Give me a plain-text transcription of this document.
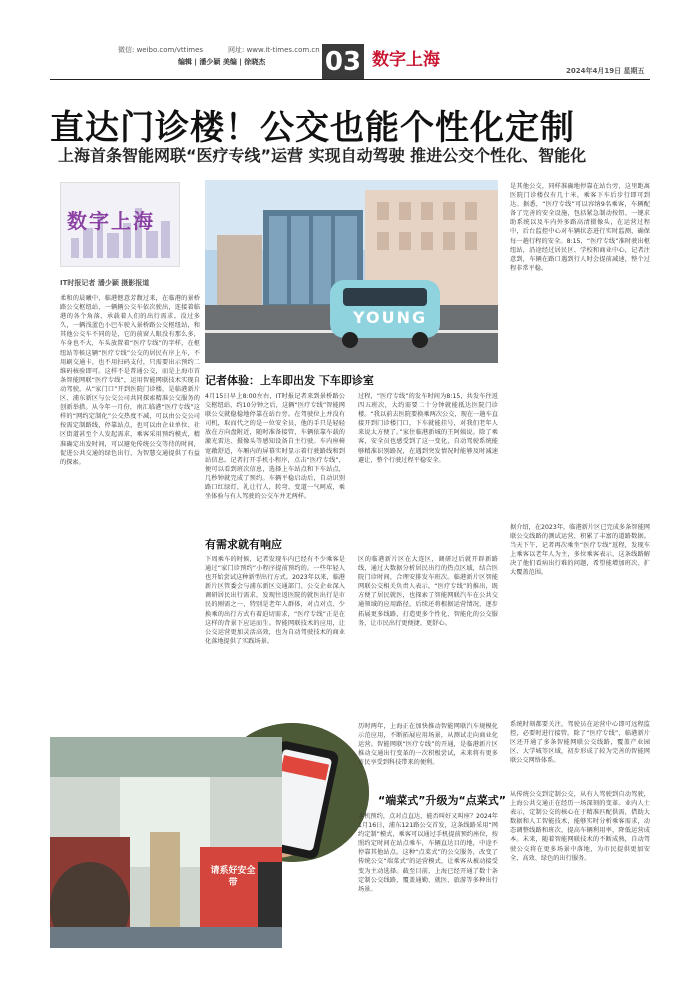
微信: weibo.com/vttimes	网址: www.it-times.com.cn
编辑 | 潘少颖 美编 | 徐晓杰 03 数字上海
2024年4月19日 星期五
直达门诊楼！公交也能个性化定制
上海首条智能网联“医疗专线”运营 实现自动驾驶 推进公交个性化、智能化
数字上海
IT时报记者 潘少颖 摄影报道
柔和的晨曦中，临港惬意芳馥过来，在临港的景桥路公交枢纽站，一辆辆公交车依次驶出，连接着临港的各个角落，承载着人们的出行需求。没过多久，一辆浅蓝色小巴车驶入景桥路公交枢纽站，和其他公交车不同的是，它的前窗人眼没有那么多，车身也不大，车头放置着“医疗专线”的字样，在枢纽站等候这辆“医疗专线”公交的居民有序上车，不用刷交通卡，也不用扫码支付，只需要出示预约二维码核验即可。这样不是普通公交，而是上海市首条智能网联“医疗专线”，运用智能网联技术实现自动驾驶，从“家门口”开到医院门诊楼，是临港新片区、浦东新区与公交公司共同探索精准公交服务的创新举措。从今年一月份，南汇临港“医疗专线”这样的“网约定制化”公交热度不减，可以由公交公司按需定制路线，停靠站点，也可以由企业单位、社区街道甚至个人发起需求，乘客采用预约模式，精准确定出发时间，可以避免传统公交等待的时间，促进公共交通的绿色出行，为智慧交通提供了有益的探索。
YOUNG
记者体验：上车即出发 下车即诊室
4月15日早上8:00左右，IT时报记者来到景桥路公交枢纽站，约10分钟之后，这辆“医疗专线”智能网联公交就稳稳地停靠在站台旁。在驾驶位上并没有司机，取而代之的是一位安全员，他的手只是轻轻放在方向盘附近，随时准备接管，车辆依靠车载的激光雷达、摄像头等感知设备自主行驶。车内座椅宽敞舒适，车厢内的屏幕实时显示着行驶路线和到站信息。记者打开手机小程序，点击“医疗专线”，便可以看到班次信息，选择上车站点和下车站点，几秒钟就完成了预约。车辆平稳启动后，自动识别路口红绿灯，礼让行人，转弯、变道一气呵成，乘坐体验与有人驾驶的公交车并无两样。
过程，“医疗专线”的发车时间为8:15，共发车往返四五班次，大约需要二十分钟就能抵达医院门诊楼。“我以前去医院要换乘两次公交，现在一趟车直接开到门诊楼门口，下车就能挂号，对我们老年人来说太方便了。”家住临港新城的王阿姨说。除了乘客，安全员也感受到了这一变化，自动驾驶系统能够精准识别路况，在遇到突发情况时能够及时减速避让，整个行驶过程平稳安全。
有需求就有响应
下周乘车的时候，记者发现车内已经有不少乘客是通过“家门诊预约”小程序提前预约的。一些年轻人也开始尝试这种新型出行方式。2023年以来，临港新片区管委会与浦东新区交通部门、公交企业深入调研居民出行需求，发现往返医院的就医出行是市民的刚需之一，特别是老年人群体，对点对点、少换乘的出行方式有着迫切需求，“医疗专线”正是在这样的背景下应运而生。智能网联技术的应用，让公交运营更加灵活高效，也为自动驾驶技术的商业化落地提供了实践场景。
区的临港新片区在大连区，调研过后就开辟新路线，通过大数据分析居民出行的热点区域，结合医院门诊时间，合理安排发车班次。临港新片区智能网联公交相关负责人表示，“医疗专线”的推出，既方便了居民就医，也探索了智能网联汽车在公共交通领域的应用路径，后续还将根据运营情况，逐步拓展更多线路，打造更多个性化、智能化的公交服务，让市民出行更便捷、更舒心。
是其他公交，同样准确地停靠在站台旁，这里距离医院门诊楼仅有几十米，乘客下车后步行即可到达。据悉，“医疗专线”可以容纳9名乘客，车辆配备了完善的安全设施，包括紧急制动按钮、一键求助系统以及车内外多路高清摄像头，在运营过程中，后台监控中心对车辆状态进行实时监测，确保每一趟行程的安全。8:15，“医疗专线”准时驶出枢纽站，沿途经过居民区、学校和商业中心，记者注意到，车辆在路口遇到行人时会提前减速，整个过程非常平稳。
据介绍，在2023年，临港新片区已完成多条智能网联公交线路的测试运营，积累了丰富的道路数据。当天下午，记者再次乘坐“医疗专线”返程，发现车上乘客以老年人为主，多位乘客表示，这条线路解决了他们看病出行难的问题，希望能增加班次、扩大覆盖范围。
请系好安全带
历时两年，上海正在加快推动智能网联汽车规模化示范应用，不断拓展应用场景，从测试走向商业化运营。智能网联“医疗专线”的开通，是临港新片区推动交通出行变革的一次积极尝试，未来将有更多市民享受到科技带来的便利。
系统时刻都要关注，驾驶员在运营中心即可远程监控，必要时进行接管。除了“医疗专线”，临港新片区还开通了多条智能网联公交线路，覆盖产业园区、大学城等区域，初步形成了较为完善的智能网联公交网络体系。
“端菜式”升级为“点菜式”
手机预约，点对点直达，能否叫好又叫座？2024年1月16日，浦东121路公交首发，这条线路采用“网约定制”模式，乘客可以通过手机提前预约座位，按照约定时间在站点乘车，车辆直达目的地，中途不停靠其他站点。这种“点菜式”的公交服务，改变了传统公交“端菜式”的运营模式，让乘客从被动接受变为主动选择。截至目前，上海已经开通了数十条定制公交线路，覆盖通勤、就医、旅游等多种出行场景。
从传统公交到定制公交，从有人驾驶到自动驾驶，上海公共交通正在经历一场深刻的变革。业内人士表示，定制公交的核心在于精准匹配供需，借助大数据和人工智能技术，能够实时分析乘客需求，动态调整线路和班次，提高车辆利用率，降低运营成本。未来，随着智能网联技术的不断成熟，自动驾驶公交将在更多场景中落地，为市民提供更加安全、高效、绿色的出行服务。
